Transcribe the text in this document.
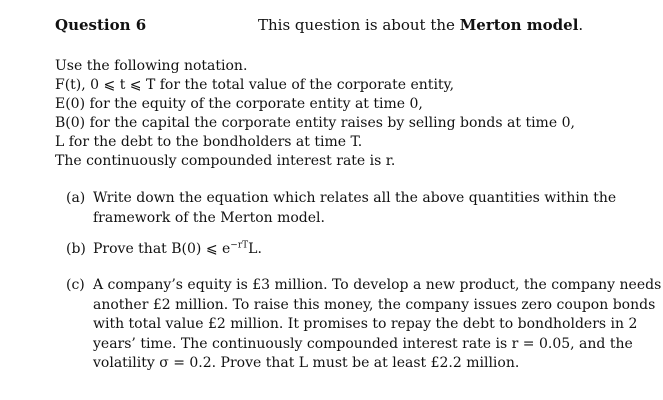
Question 6	This question is about the Merton model.
Use the following notation.
F(t), 0 ⩽ t ⩽ T for the total value of the corporate entity,
E(0) for the equity of the corporate entity at time 0,
B(0) for the capital the corporate entity raises by selling bonds at time 0,
L for the debt to the bondholders at time T.
The continuously compounded interest rate is r.
(a) Write down the equation which relates all the above quantities within the
framework of the Merton model.
(b) Prove that B(0) ⩽ $e^{-rT}L$.
(c) A company’s equity is £3 million. To develop a new product, the company needs
another £2 million. To raise this money, the company issues zero coupon bonds
with total value £2 million. It promises to repay the debt to bondholders in 2
years’ time. The continuously compounded interest rate is r = 0.05, and the
volatility σ = 0.2. Prove that L must be at least £2.2 million.
